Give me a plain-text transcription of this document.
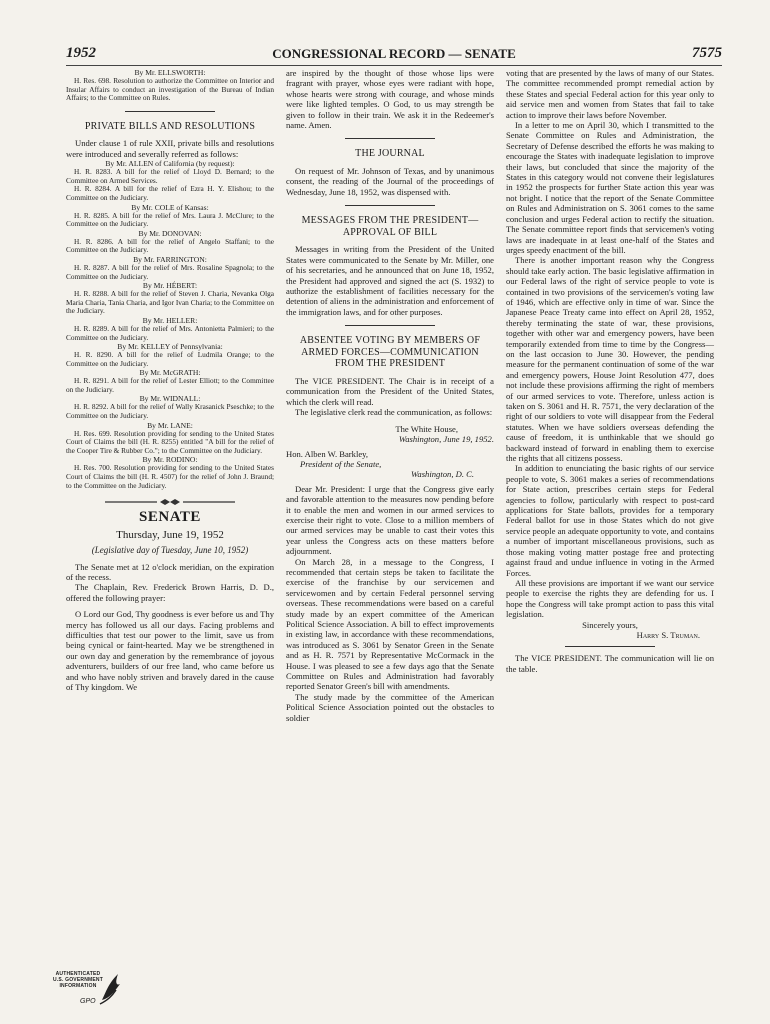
1952	CONGRESSIONAL RECORD — SENATE	7575

By Mr. ELLSWORTH:

H. Res. 698. Resolution to authorize the Committee on Interior and Insular Affairs to conduct an investigation of the Bureau of Indian Affairs; to the Committee on Rules.

PRIVATE BILLS AND RESOLUTIONS

Under clause 1 of rule XXII, private bills and resolutions were introduced and severally referred as follows:

By Mr. ALLEN of California (by request):

H. R. 8283. A bill for the relief of Lloyd D. Bernard; to the Committee on Armed Services.

H. R. 8284. A bill for the relief of Ezra H. Y. Elishou; to the Committee on the Judiciary.

By Mr. COLE of Kansas:

H. R. 8285. A bill for the relief of Mrs. Laura J. McClure; to the Committee on the Judiciary.

By Mr. DONOVAN:

H. R. 8286. A bill for the relief of Angelo Staffani; to the Committee on the Judiciary.

By Mr. FARRINGTON:

H. R. 8287. A bill for the relief of Mrs. Rosaline Spagnola; to the Committee on the Judiciary.

By Mr. HÉBERT:

H. R. 8288. A bill for the relief of Steven J. Charia, Nevanka Olga Maria Charia, Tania Charia, and Igor Ivan Charia; to the Committee on the Judiciary.

By Mr. HELLER:

H. R. 8289. A bill for the relief of Mrs. Antonietta Palmieri; to the Committee on the Judiciary.

By Mr. KELLEY of Pennsylvania:

H. R. 8290. A bill for the relief of Ludmila Orange; to the Committee on the Judiciary.

By Mr. McGRATH:

H. R. 8291. A bill for the relief of Lester Elliott; to the Committee on the Judiciary.

By Mr. WIDNALL:

H. R. 8292. A bill for the relief of Wally Krasanick Pseschke; to the Committee on the Judiciary.

By Mr. LANE:

H. Res. 699. Resolution providing for sending to the United States Court of Claims the bill (H. R. 8255) entitled "A bill for the relief of the Cooper Tire & Rubber Co."; to the Committee on the Judiciary.

By Mr. RODINO:

H. Res. 700. Resolution providing for sending to the United States Court of Claims the bill (H. R. 4507) for the relief of John J. Braund; to the Committee on the Judiciary.

SENATE
Thursday, June 19, 1952
(Legislative day of Tuesday, June 10, 1952)

The Senate met at 12 o'clock meridian, on the expiration of the recess.

The Chaplain, Rev. Frederick Brown Harris, D. D., offered the following prayer:

O Lord our God, Thy goodness is ever before us and Thy mercy has followed us all our days. Facing problems and difficulties that test our power to the limit, save us from being cynical or faint-hearted. May we be strengthened in our own day and generation by the remembrance of joyous adventurers, builders of our free land, who came before us and who have nobly striven and bravely dared in the cause of Thy kingdom. We

are inspired by the thought of those whose lips were fragrant with prayer, whose eyes were radiant with hope, whose hearts were strong with courage, and whose minds were like lighted temples. O God, to us may strength be given to follow in their train. We ask it in the Redeemer's name. Amen.

THE JOURNAL

On request of Mr. Johnson of Texas, and by unanimous consent, the reading of the Journal of the proceedings of Wednesday, June 18, 1952, was dispensed with.

MESSAGES FROM THE PRESIDENT—APPROVAL OF BILL

Messages in writing from the President of the United States were communicated to the Senate by Mr. Miller, one of his secretaries, and he announced that on June 18, 1952, the President had approved and signed the act (S. 1932) to authorize the establishment of facilities necessary for the detention of aliens in the administration and enforcement of the immigration laws, and for other purposes.

ABSENTEE VOTING BY MEMBERS OF ARMED FORCES—COMMUNICATION FROM THE PRESIDENT

The VICE PRESIDENT. The Chair is in receipt of a communication from the President of the United States, which the clerk will read.

The legislative clerk read the communication, as follows:

The White House,

Washington, June 19, 1952.

Hon. Alben W. Barkley,

President of the Senate,

Washington, D. C.

Dear Mr. President: I urge that the Congress give early and favorable attention to the measures now pending before it to enable the men and women in our armed services to exercise their right to vote. Close to a million members of our armed services may be unable to cast their votes this year unless the Congress acts on these matters before adjournment.

On March 28, in a message to the Congress, I recommended that certain steps be taken to facilitate the exercise of the franchise by our servicemen and servicewomen and by certain Federal personnel serving overseas. These recommendations were based on a careful study made by an expert committee of the American Political Science Association. A bill to effect improvements in existing law, in accordance with these recommendations, was introduced as S. 3061 by Senator Green in the Senate and as H. R. 7571 by Representative McCormack in the House. I was pleased to see a few days ago that the Senate Committee on Rules and Administration had favorably reported Senator Green's bill with amendments.

The study made by the committee of the American Political Science Association pointed out the obstacles to soldier

voting that are presented by the laws of many of our States. The committee recommended prompt remedial action by these States and special Federal action for this year only to aid service men and women from States that fail to take action to improve their laws before November.

In a letter to me on April 30, which I transmitted to the Senate Committee on Rules and Administration, the Secretary of Defense described the efforts he was making to encourage the States with inadequate legislation to improve their laws, but concluded that since the majority of the States in this category would not convene their legislatures in 1952 the prospects for further State action this year was not bright. I notice that the report of the Senate Committee on Rules and Administration on S. 3061 comes to the same conclusion and urges Federal action to rectify the situation. The Senate committee report finds that servicemen's voting laws are inadequate in at least one-half of the States and urges speedy enactment of the bill.

There is another important reason why the Congress should take early action. The basic legislative affirmation in our Federal laws of the right of service people to vote is contained in two provisions of the servicemen's voting law of 1946, which are effective only in time of war. Since the Japanese Peace Treaty came into effect on April 28, 1952, thereby terminating the state of war, these provisions, together with other war and emergency powers, have been temporarily extended from time to time by the Congress—on the last occasion to June 30. However, the pending measure for the permanent continuation of some of the war and emergency powers, House Joint Resolution 477, does not include these provisions affirming the right of members of our armed services to vote. Therefore, unless action is taken on S. 3061 and H. R. 7571, the very declaration of the right of our soldiers to vote will disappear from the Federal statutes. When we have soldiers overseas defending the cause of freedom, it is unthinkable that we should go backward instead of forward in enabling them to exercise the rights that all citizens possess.

In addition to enunciating the basic rights of our service people to vote, S. 3061 makes a series of recommendations for State action, prescribes certain steps for Federal agencies to follow, particularly with respect to post-card applications for State ballots, provides for a temporary Federal ballot for use in those States which do not give service people an adequate opportunity to vote, and contains a number of important miscellaneous provisions, such as those making voting matter postage free and protecting against fraud and undue influence in voting in the Armed Forces.

All these provisions are important if we want our service people to exercise the rights they are defending for us. I hope the Congress will take prompt action to pass this vital legislation.

Sincerely yours,

Harry S. Truman.

The VICE PRESIDENT. The communication will lie on the table.

AUTHENTICATED U.S. GOVERNMENT INFORMATION
GPO
